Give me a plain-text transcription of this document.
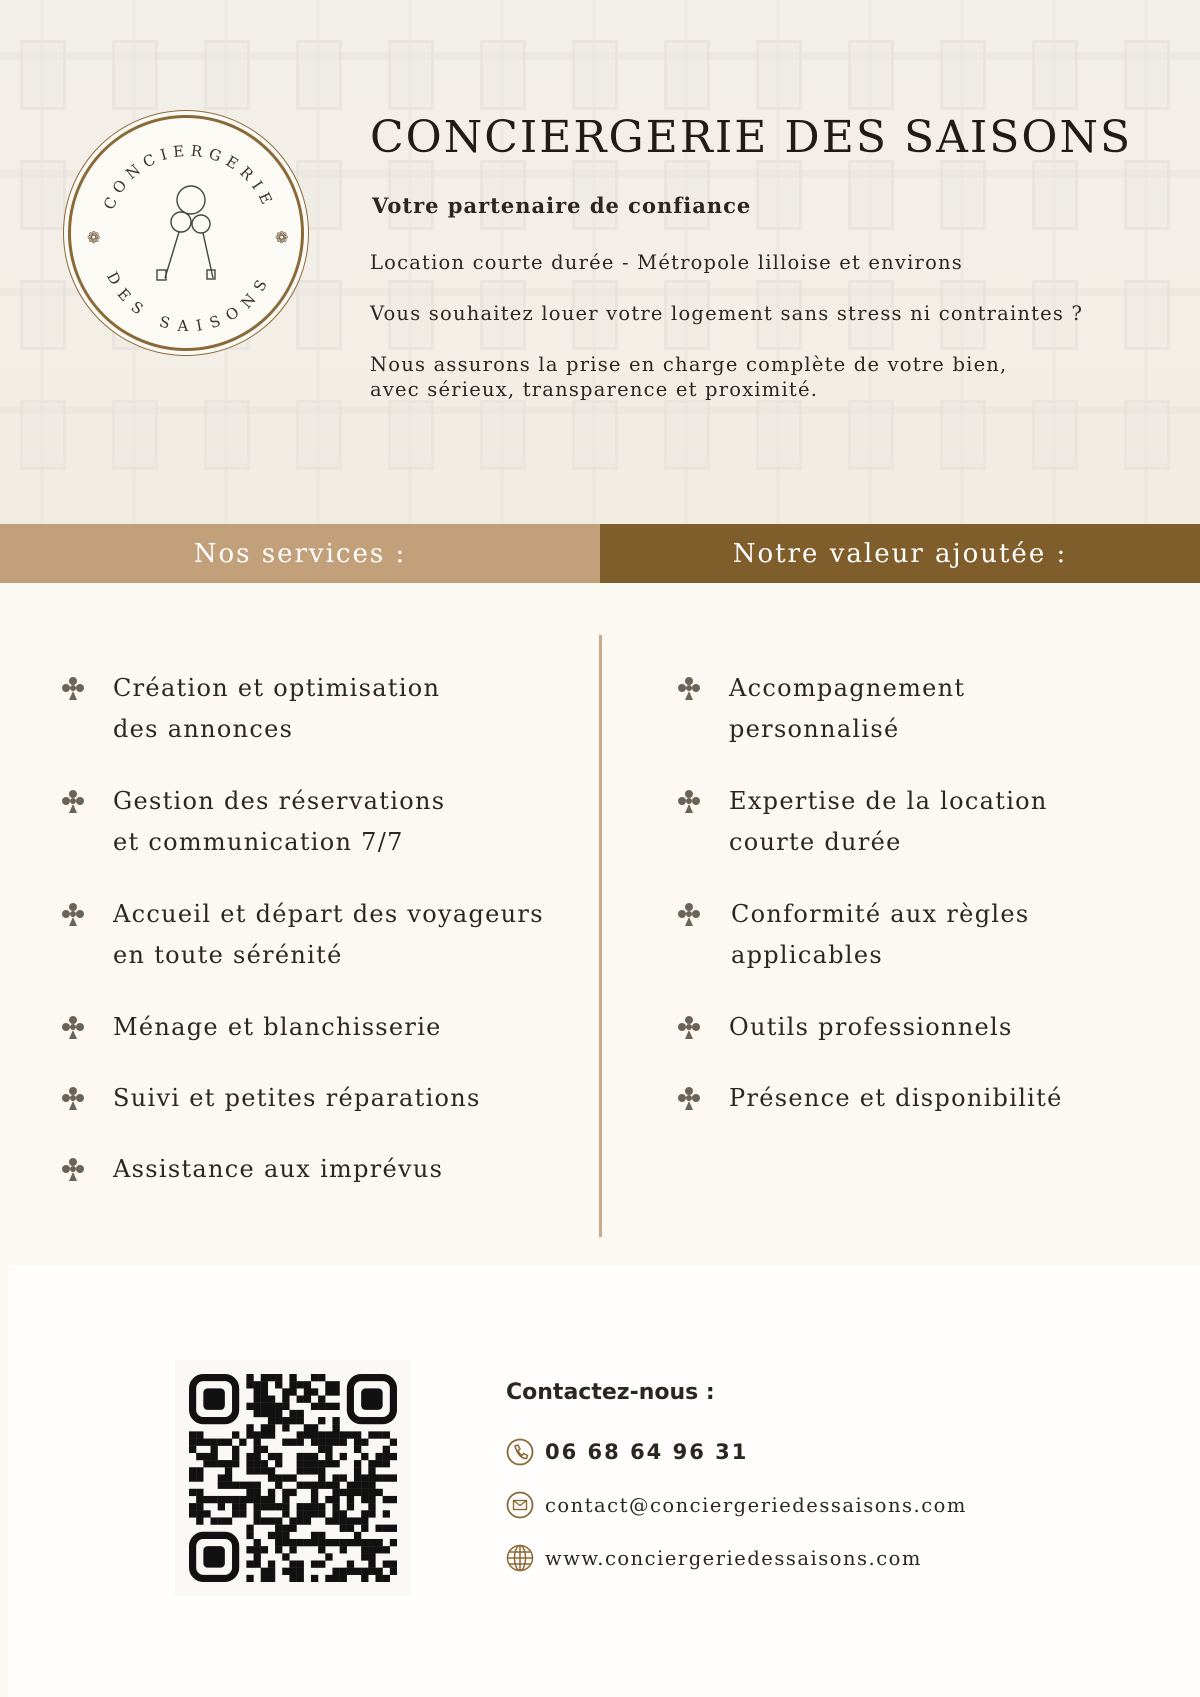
CONCIERGERIE
DES SAISONS
❁	❁
CONCIERGERIE DES SAISONS
Votre partenaire de confiance
Location courte durée - Métropole lilloise et environs
Vous souhaitez louer votre logement sans stress ni contraintes ?
Nous assurons la prise en charge complète de votre bien,
avec sérieux, transparence et proximité.
Nos services :	Notre valeur ajoutée :
Création et optimisation
des annonces
Gestion des réservations
et communication 7/7
Accueil et départ des voyageurs
en toute sérénité
Ménage et blanchisserie
Suivi et petites réparations
Assistance aux imprévus
Accompagnement
personnalisé
Expertise de la location
courte durée
Conformité aux règles
applicables
Outils professionnels
Présence et disponibilité
Contactez-nous :
06 68 64 96 31
contact@conciergeriedessaisons.com
www.conciergeriedessaisons.com
